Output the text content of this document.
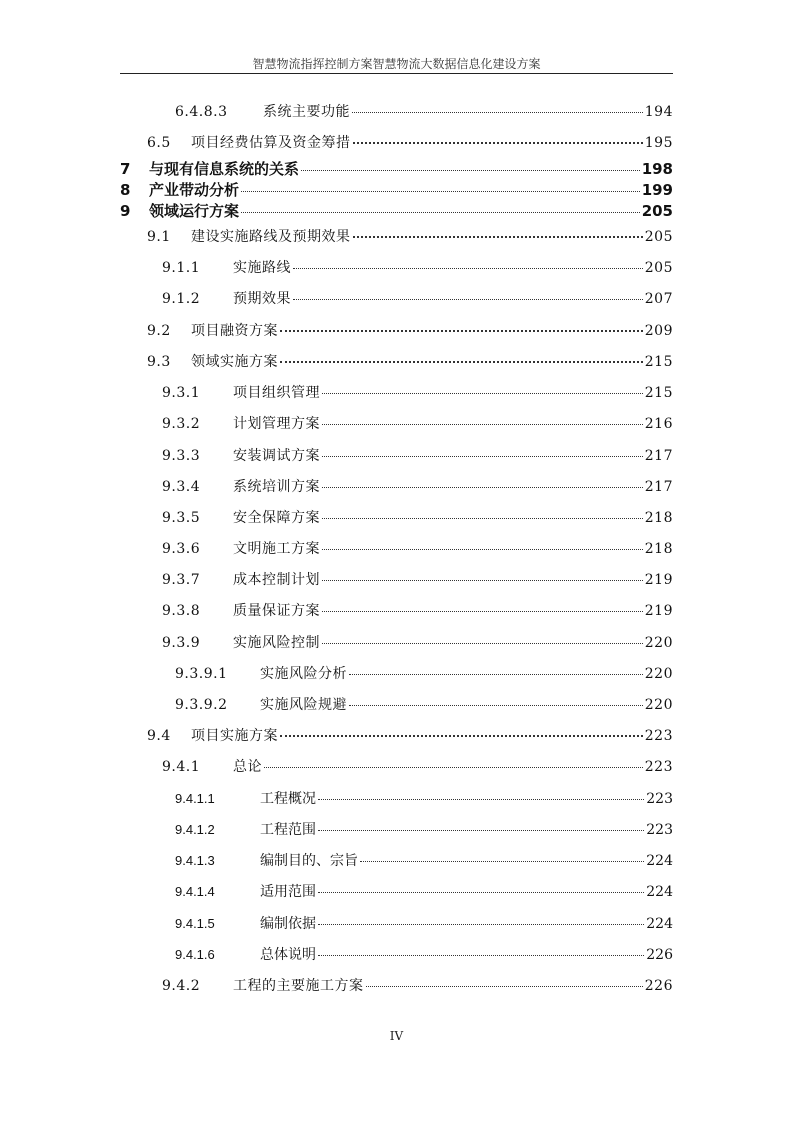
智慧物流指挥控制方案智慧物流大数据信息化建设方案
6.4.8.3	系统主要功能	194
6.5	项目经费估算及资金筹措	195
7	与现有信息系统的关系	198
8	产业带动分析	199
9	领域运行方案	205
9.1	建设实施路线及预期效果	205
9.1.1	实施路线	205
9.1.2	预期效果	207
9.2	项目融资方案	209
9.3	领域实施方案	215
9.3.1	项目组织管理	215
9.3.2	计划管理方案	216
9.3.3	安装调试方案	217
9.3.4	系统培训方案	217
9.3.5	安全保障方案	218
9.3.6	文明施工方案	218
9.3.7	成本控制计划	219
9.3.8	质量保证方案	219
9.3.9	实施风险控制	220
9.3.9.1	实施风险分析	220
9.3.9.2	实施风险规避	220
9.4	项目实施方案	223
9.4.1	总论	223
9.4.1.1	工程概况	223
9.4.1.2	工程范围	223
9.4.1.3	编制目的、宗旨	224
9.4.1.4	适用范围	224
9.4.1.5	编制依据	224
9.4.1.6	总体说明	226
9.4.2	工程的主要施工方案	226
IV
